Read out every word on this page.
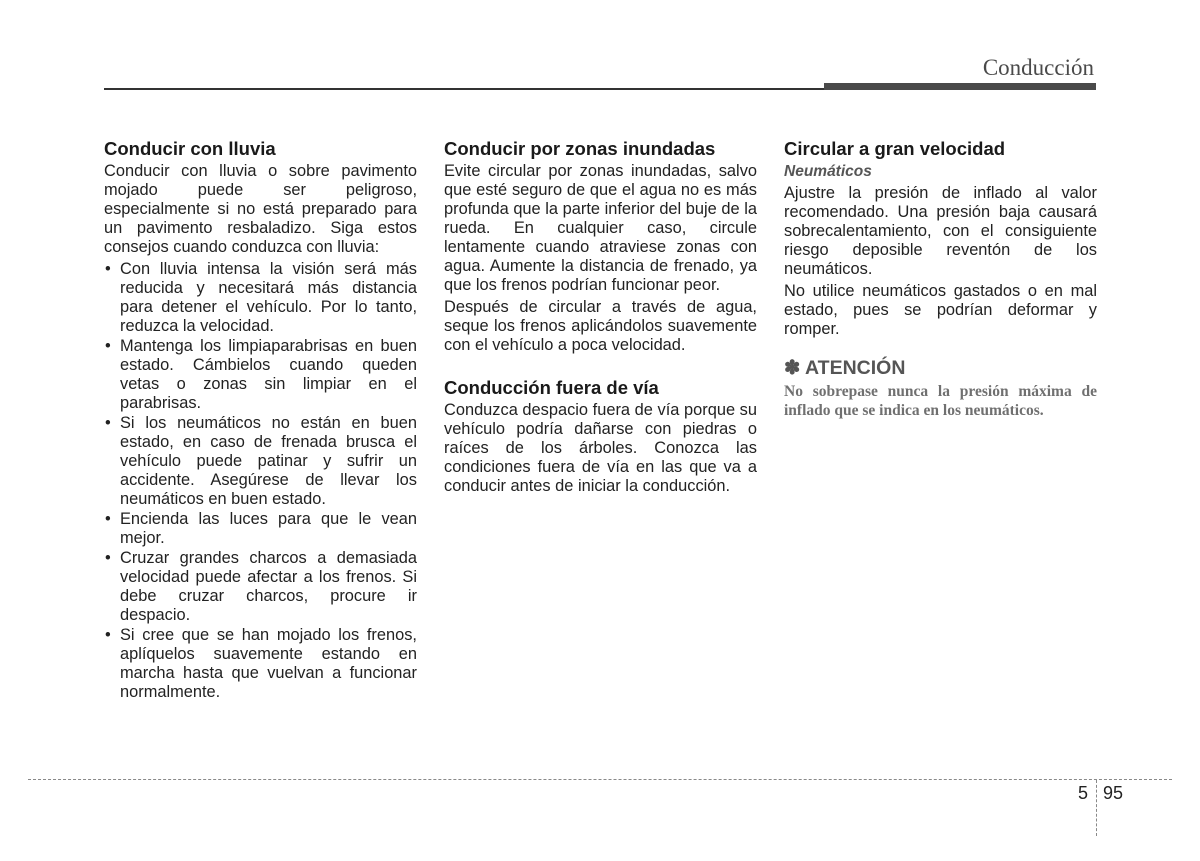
Conducción
Conducir con lluvia

Conducir con lluvia o sobre pavimento mojado puede ser peligroso, especialmente si no está preparado para un pavimento resbaladizo. Siga estos consejos cuando conduzca con lluvia:

• Con lluvia intensa la visión será más reducida y necesitará más distancia para detener el vehículo. Por lo tanto, reduzca la velocidad.
• Mantenga los limpiaparabrisas en buen estado. Cámbielos cuando queden vetas o zonas sin limpiar en el parabrisas.
• Si los neumáticos no están en buen estado, en caso de frenada brusca el vehículo puede patinar y sufrir un accidente. Asegúrese de llevar los neumáticos en buen estado.
• Encienda las luces para que le vean mejor.
• Cruzar grandes charcos a demasiada velocidad puede afectar a los frenos. Si debe cruzar charcos, procure ir despacio.
• Si cree que se han mojado los frenos, aplíquelos suavemente estando en marcha hasta que vuelvan a funcionar normalmente.
Conducir por zonas inundadas

Evite circular por zonas inundadas, salvo que esté seguro de que el agua no es más profunda que la parte inferior del buje de la rueda. En cualquier caso, circule lentamente cuando atraviese zonas con agua. Aumente la distancia de frenado, ya que los frenos podrían funcionar peor.

Después de circular a través de agua, seque los frenos aplicándolos suavemente con el vehículo a poca velocidad.

Conducción fuera de vía

Conduzca despacio fuera de vía porque su vehículo podría dañarse con piedras o raíces de los árboles. Conozca las condiciones fuera de vía en las que va a conducir antes de iniciar la conducción.

Circular a gran velocidad
Neumáticos

Ajustre la presión de inflado al valor recomendado. Una presión baja causará sobrecalentamiento, con el consiguiente riesgo deposible reventón de los neumáticos.

No utilice neumáticos gastados o en mal estado, pues se podrían deformar y romper.

✽ ATENCIÓN

No sobrepase nunca la presión máxima de inflado que se indica en los neumáticos.

5 95
